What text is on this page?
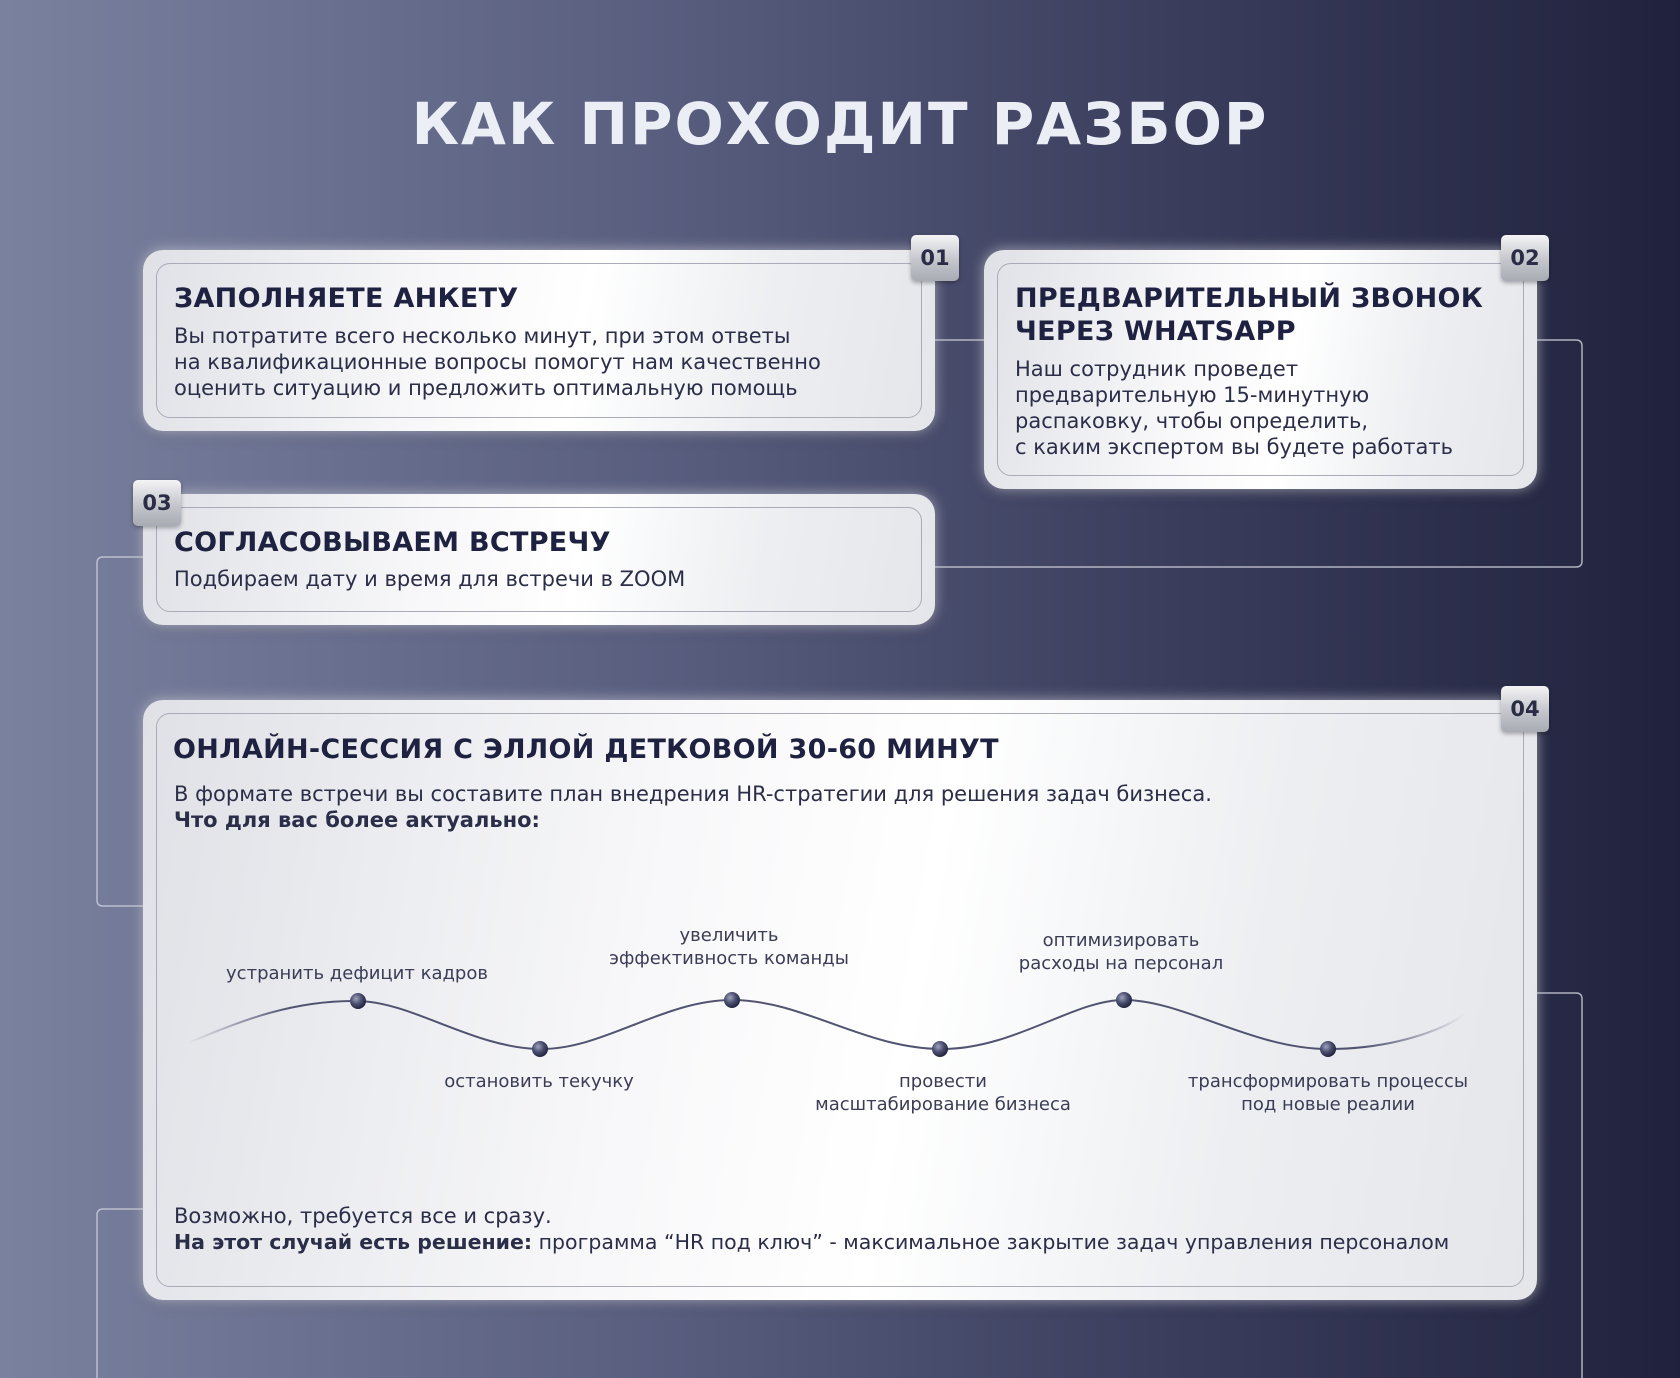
КАК ПРОХОДИТ РАЗБОР
ЗАПОЛНЯЕТЕ АНКЕТУ
Вы потратите всего несколько минут, при этом ответы
на квалификационные вопросы помогут нам качественно
оценить ситуацию и предложить оптимальную помощь
01
ПРЕДВАРИТЕЛЬНЫЙ ЗВОНОК
ЧЕРЕЗ WHATSAPP
Наш сотрудник проведет
предварительную 15-минутную
распаковку, чтобы определить,
с каким экспертом вы будете работать
02
СОГЛАСОВЫВАЕМ ВСТРЕЧУ
Подбираем дату и время для встречи в ZOOM
03
ОНЛАЙН-СЕССИЯ С ЭЛЛОЙ ДЕТКОВОЙ 30-60 МИНУТ
В формате встречи вы составите план внедрения HR-стратегии для решения задач бизнеса.
Что для вас более актуально:
устранить дефицит кадров
остановить текучку
увеличить
эффективность команды
провести
масштабирование бизнеса
оптимизировать
расходы на персонал
трансформировать процессы
под новые реалии
Возможно, требуется все и сразу.
На этот случай есть решение: программа “HR под ключ” - максимальное закрытие задач управления персоналом
04
